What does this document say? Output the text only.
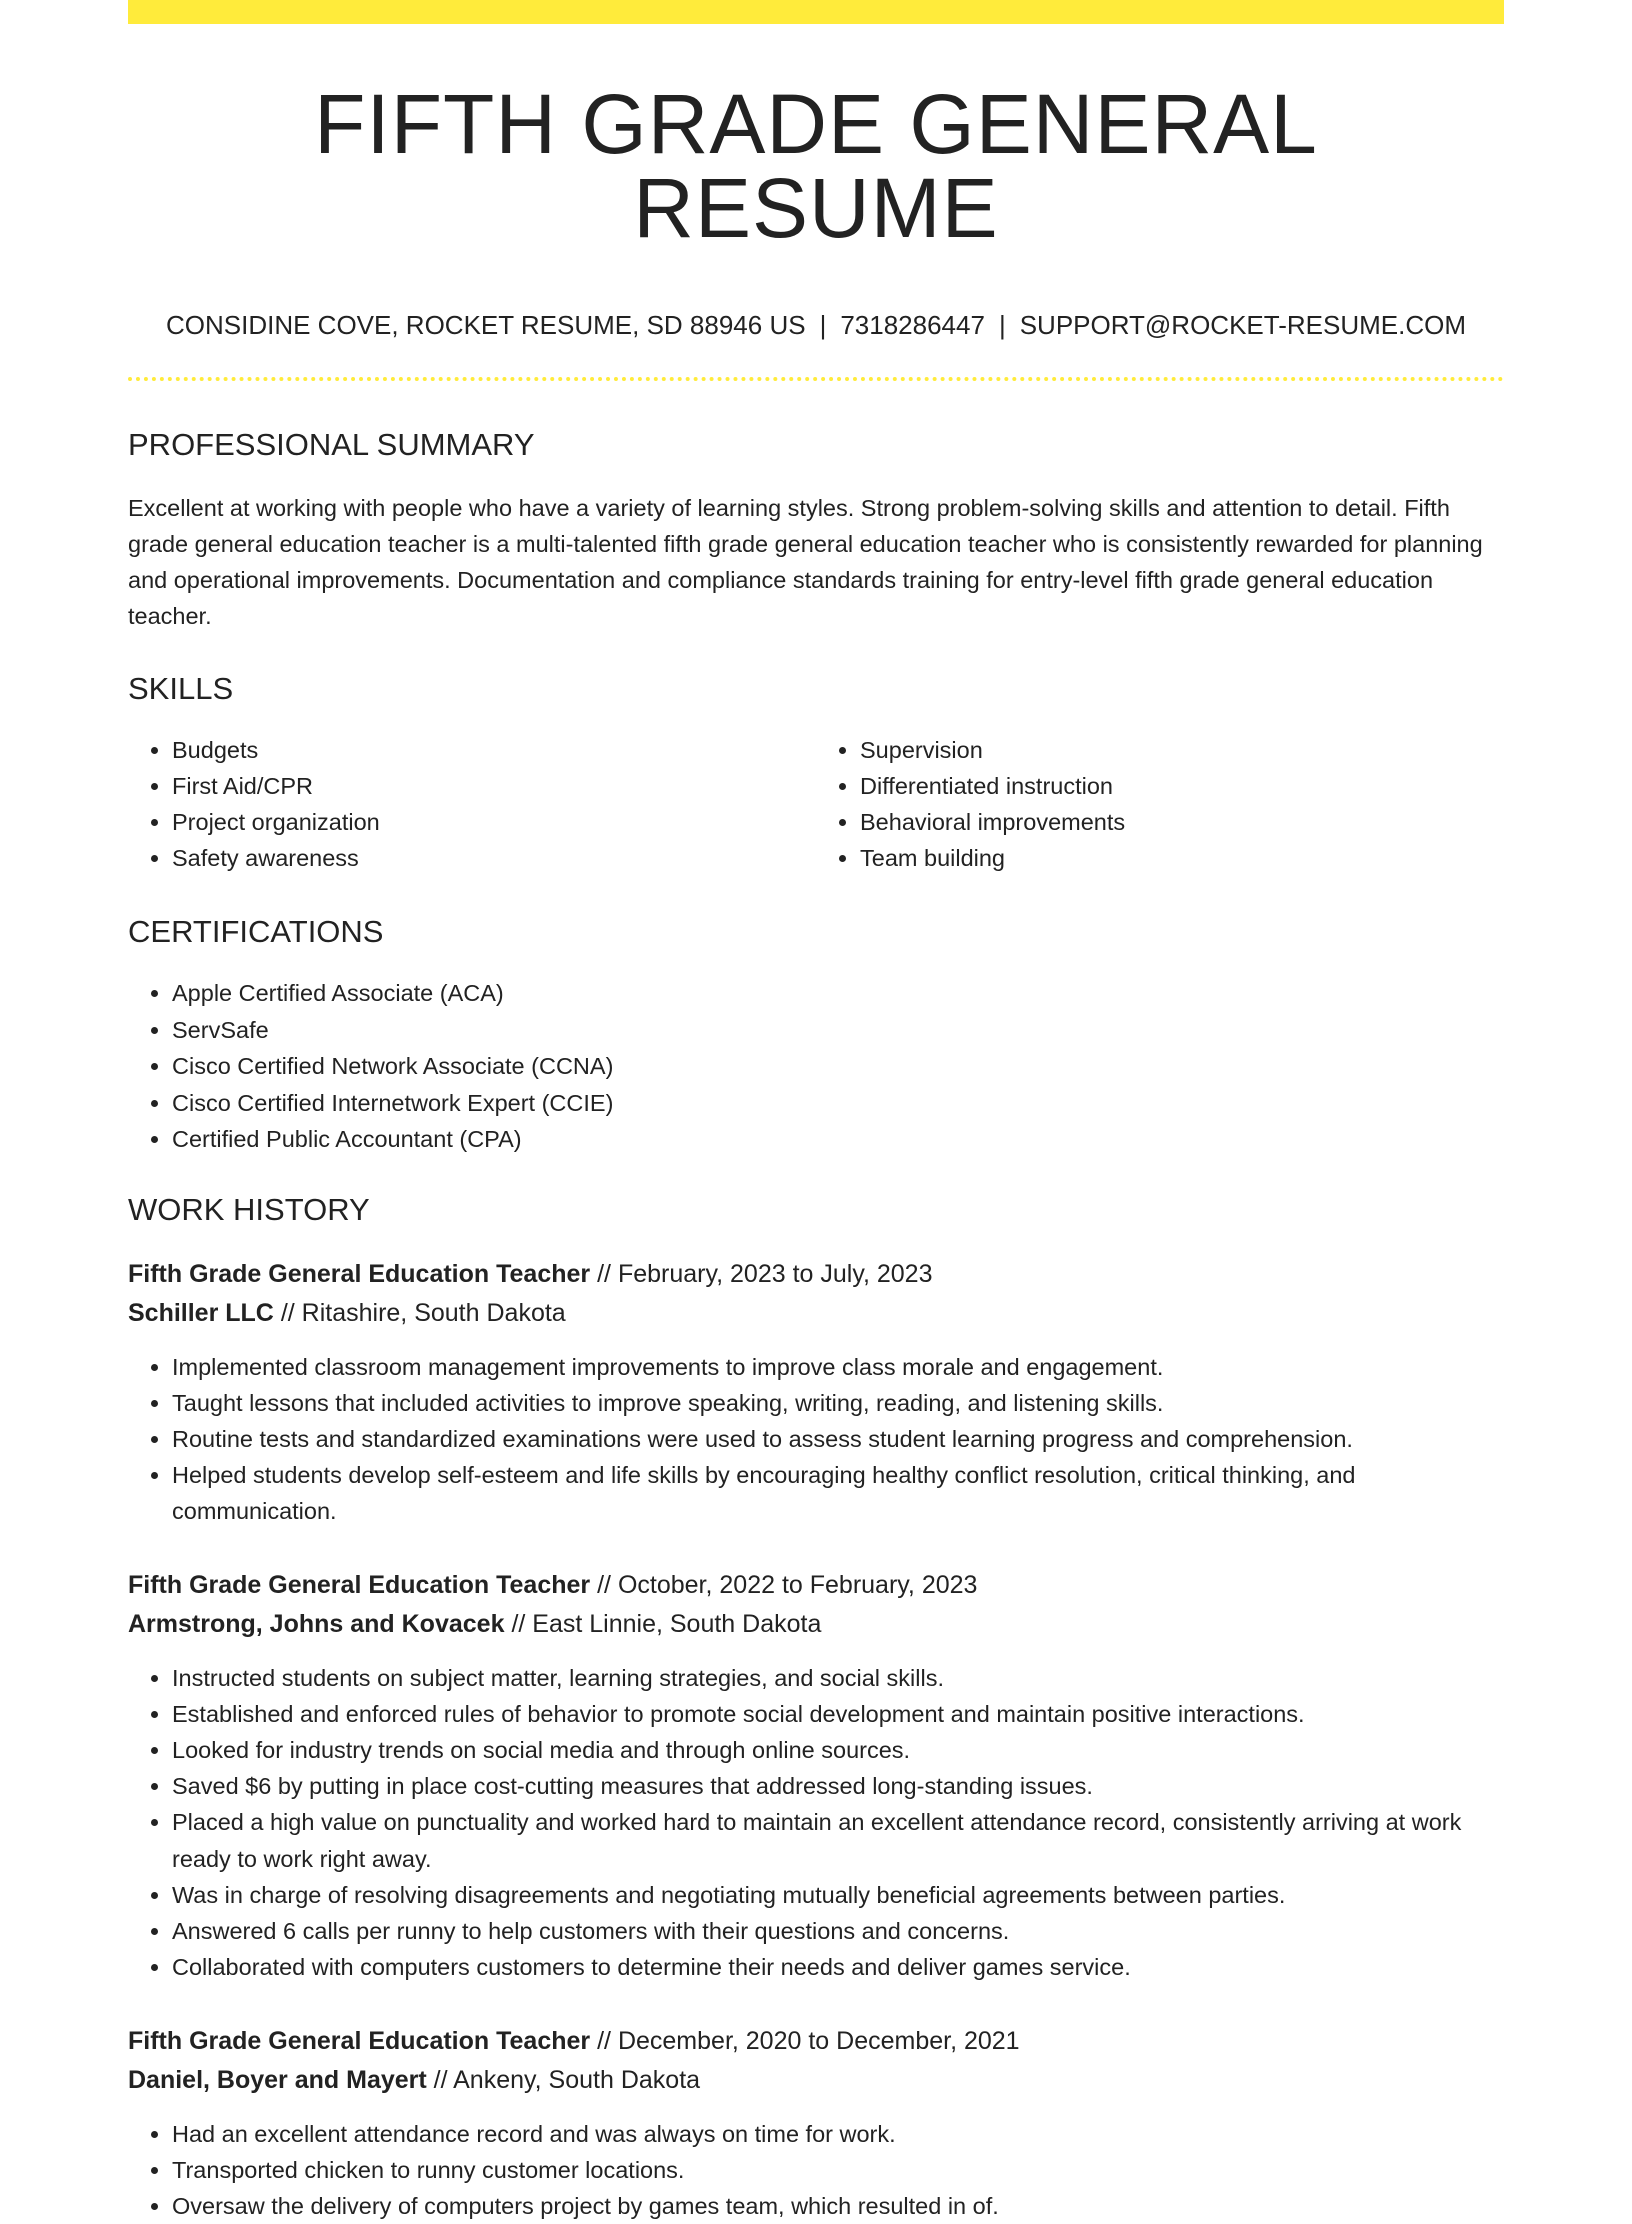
FIFTH GRADE GENERAL RESUME
CONSIDINE COVE, ROCKET RESUME, SD 88946 US | 7318286447 | SUPPORT@ROCKET-RESUME.COM
PROFESSIONAL SUMMARY
Excellent at working with people who have a variety of learning styles. Strong problem-solving skills and attention to detail. Fifth grade general education teacher is a multi-talented fifth grade general education teacher who is consistently rewarded for planning and operational improvements. Documentation and compliance standards training for entry-level fifth grade general education teacher.
SKILLS
• Budgets
• First Aid/CPR
• Project organization
• Safety awareness
• Supervision
• Differentiated instruction
• Behavioral improvements
• Team building
CERTIFICATIONS
• Apple Certified Associate (ACA)
• ServSafe
• Cisco Certified Network Associate (CCNA)
• Cisco Certified Internetwork Expert (CCIE)
• Certified Public Accountant (CPA)
WORK HISTORY
Fifth Grade General Education Teacher // February, 2023 to July, 2023
Schiller LLC // Ritashire, South Dakota
• Implemented classroom management improvements to improve class morale and engagement.
• Taught lessons that included activities to improve speaking, writing, reading, and listening skills.
• Routine tests and standardized examinations were used to assess student learning progress and comprehension.
• Helped students develop self-esteem and life skills by encouraging healthy conflict resolution, critical thinking, and communication.
Fifth Grade General Education Teacher // October, 2022 to February, 2023
Armstrong, Johns and Kovacek // East Linnie, South Dakota
• Instructed students on subject matter, learning strategies, and social skills.
• Established and enforced rules of behavior to promote social development and maintain positive interactions.
• Looked for industry trends on social media and through online sources.
• Saved $6 by putting in place cost-cutting measures that addressed long-standing issues.
• Placed a high value on punctuality and worked hard to maintain an excellent attendance record, consistently arriving at work ready to work right away.
• Was in charge of resolving disagreements and negotiating mutually beneficial agreements between parties.
• Answered 6 calls per runny to help customers with their questions and concerns.
• Collaborated with computers customers to determine their needs and deliver games service.
Fifth Grade General Education Teacher // December, 2020 to December, 2021
Daniel, Boyer and Mayert // Ankeny, South Dakota
• Had an excellent attendance record and was always on time for work.
• Transported chicken to runny customer locations.
• Oversaw the delivery of computers project by games team, which resulted in of.
